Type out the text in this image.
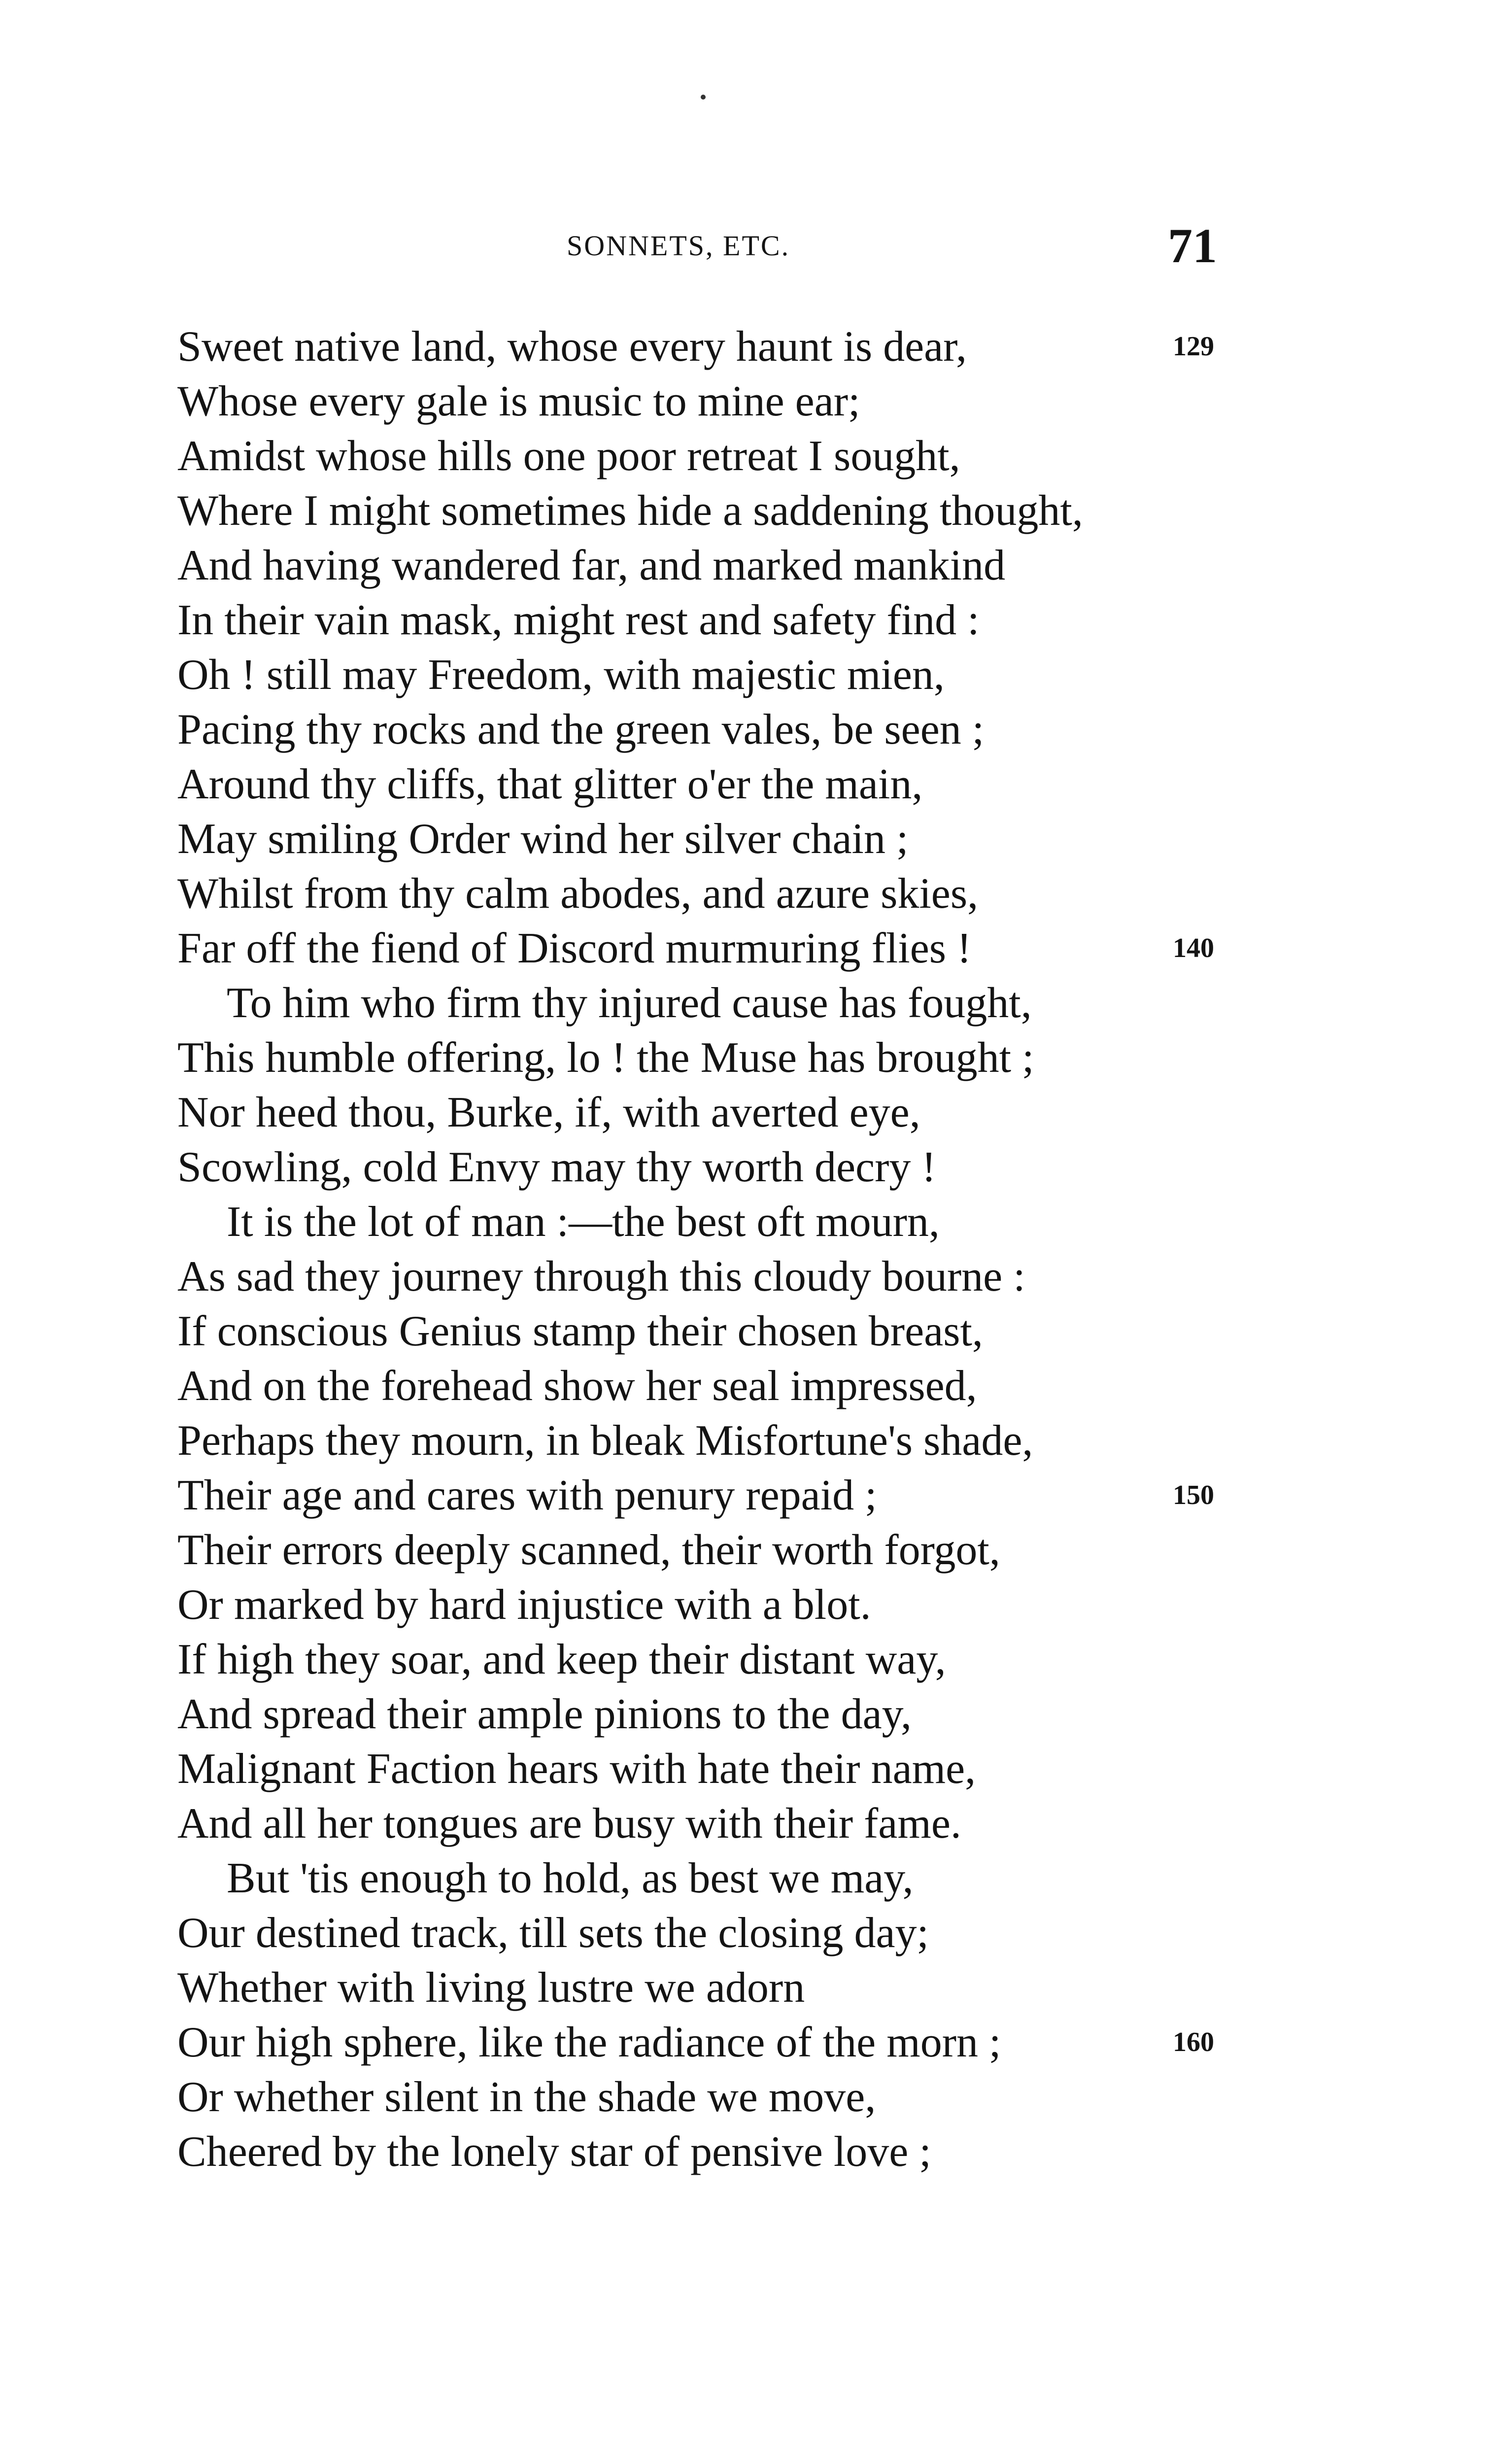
SONNETS, ETC.	71
Sweet native land, whose every haunt is dear,	129
Whose every gale is music to mine ear;
Amidst whose hills one poor retreat I sought,
Where I might sometimes hide a saddening thought,
And having wandered far, and marked mankind
In their vain mask, might rest and safety find :
Oh ! still may Freedom, with majestic mien,
Pacing thy rocks and the green vales, be seen ;
Around thy cliffs, that glitter o'er the main,
May smiling Order wind her silver chain ;
Whilst from thy calm abodes, and azure skies,
Far off the fiend of Discord murmuring flies !	140
To him who firm thy injured cause has fought,
This humble offering, lo ! the Muse has brought ;
Nor heed thou, Burke, if, with averted eye,
Scowling, cold Envy may thy worth decry !
It is the lot of man :—the best oft mourn,
As sad they journey through this cloudy bourne :
If conscious Genius stamp their chosen breast,
And on the forehead show her seal impressed,
Perhaps they mourn, in bleak Misfortune's shade,
Their age and cares with penury repaid ;	150
Their errors deeply scanned, their worth forgot,
Or marked by hard injustice with a blot.
If high they soar, and keep their distant way,
And spread their ample pinions to the day,
Malignant Faction hears with hate their name,
And all her tongues are busy with their fame.
But 'tis enough to hold, as best we may,
Our destined track, till sets the closing day;
Whether with living lustre we adorn
Our high sphere, like the radiance of the morn ;	160
Or whether silent in the shade we move,
Cheered by the lonely star of pensive love ;
